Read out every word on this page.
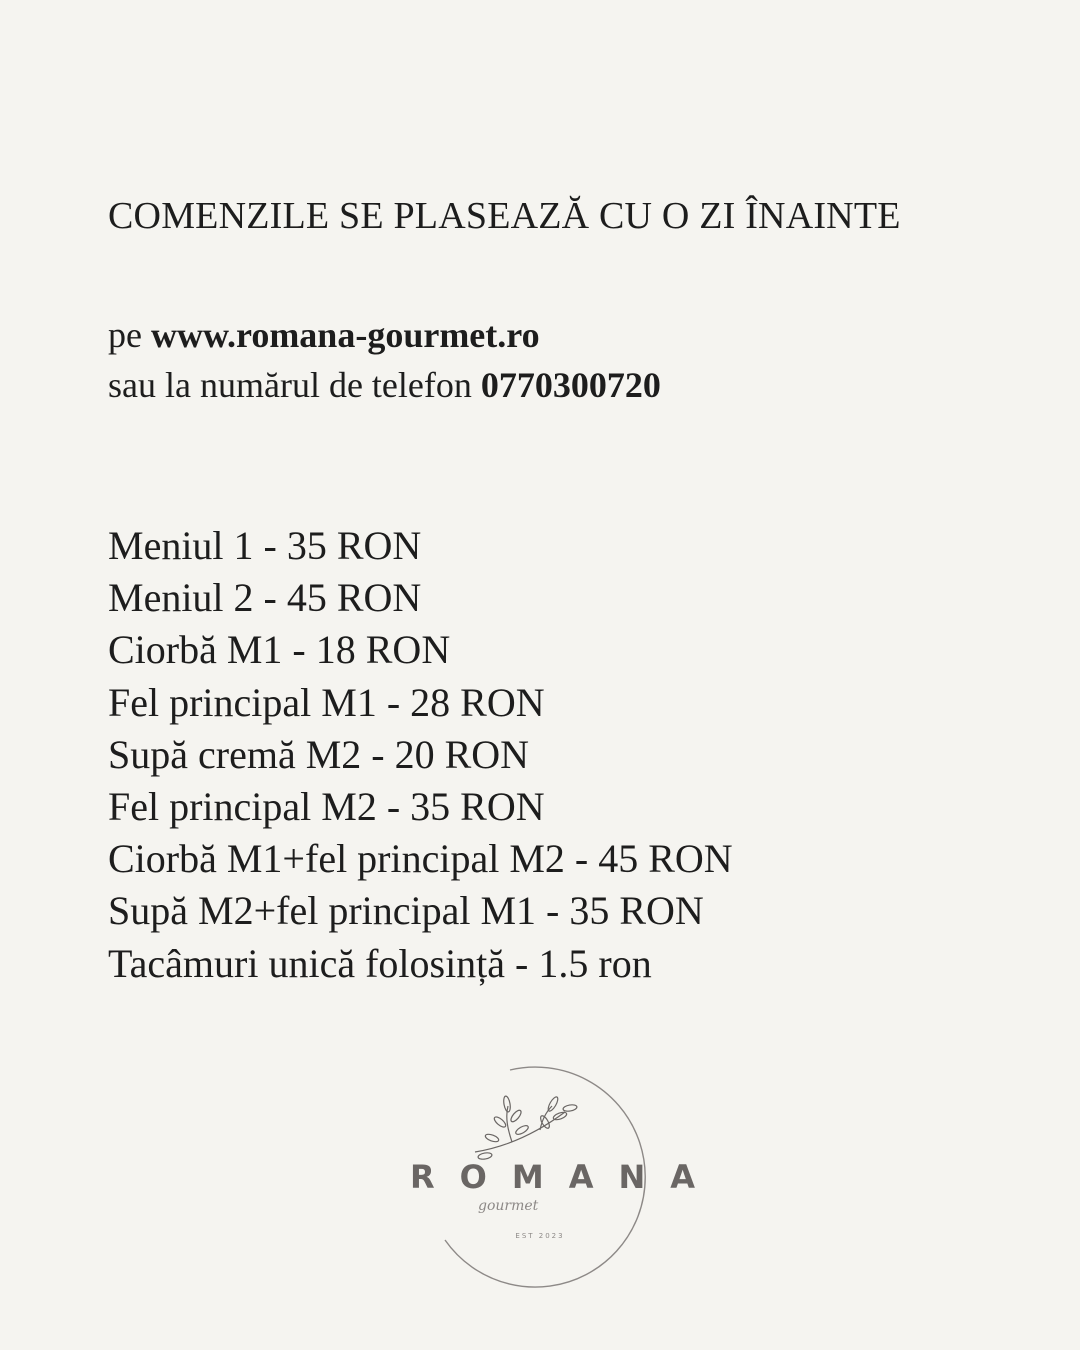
COMENZILE SE PLASEAZĂ CU O ZI ÎNAINTE
pe www.romana-gourmet.ro
sau la numărul de telefon 0770300720
Meniul 1 - 35 RON
Meniul 2 - 45 RON
Ciorbă M1 - 18 RON
Fel principal M1 - 28 RON
Supă cremă M2 - 20 RON
Fel principal M2 - 35 RON
Ciorbă M1+fel principal M2 - 45 RON
Supă M2+fel principal M1 - 35 RON
Tacâmuri unică folosință - 1.5 ron
ROMANA
gourmet
EST 2023
